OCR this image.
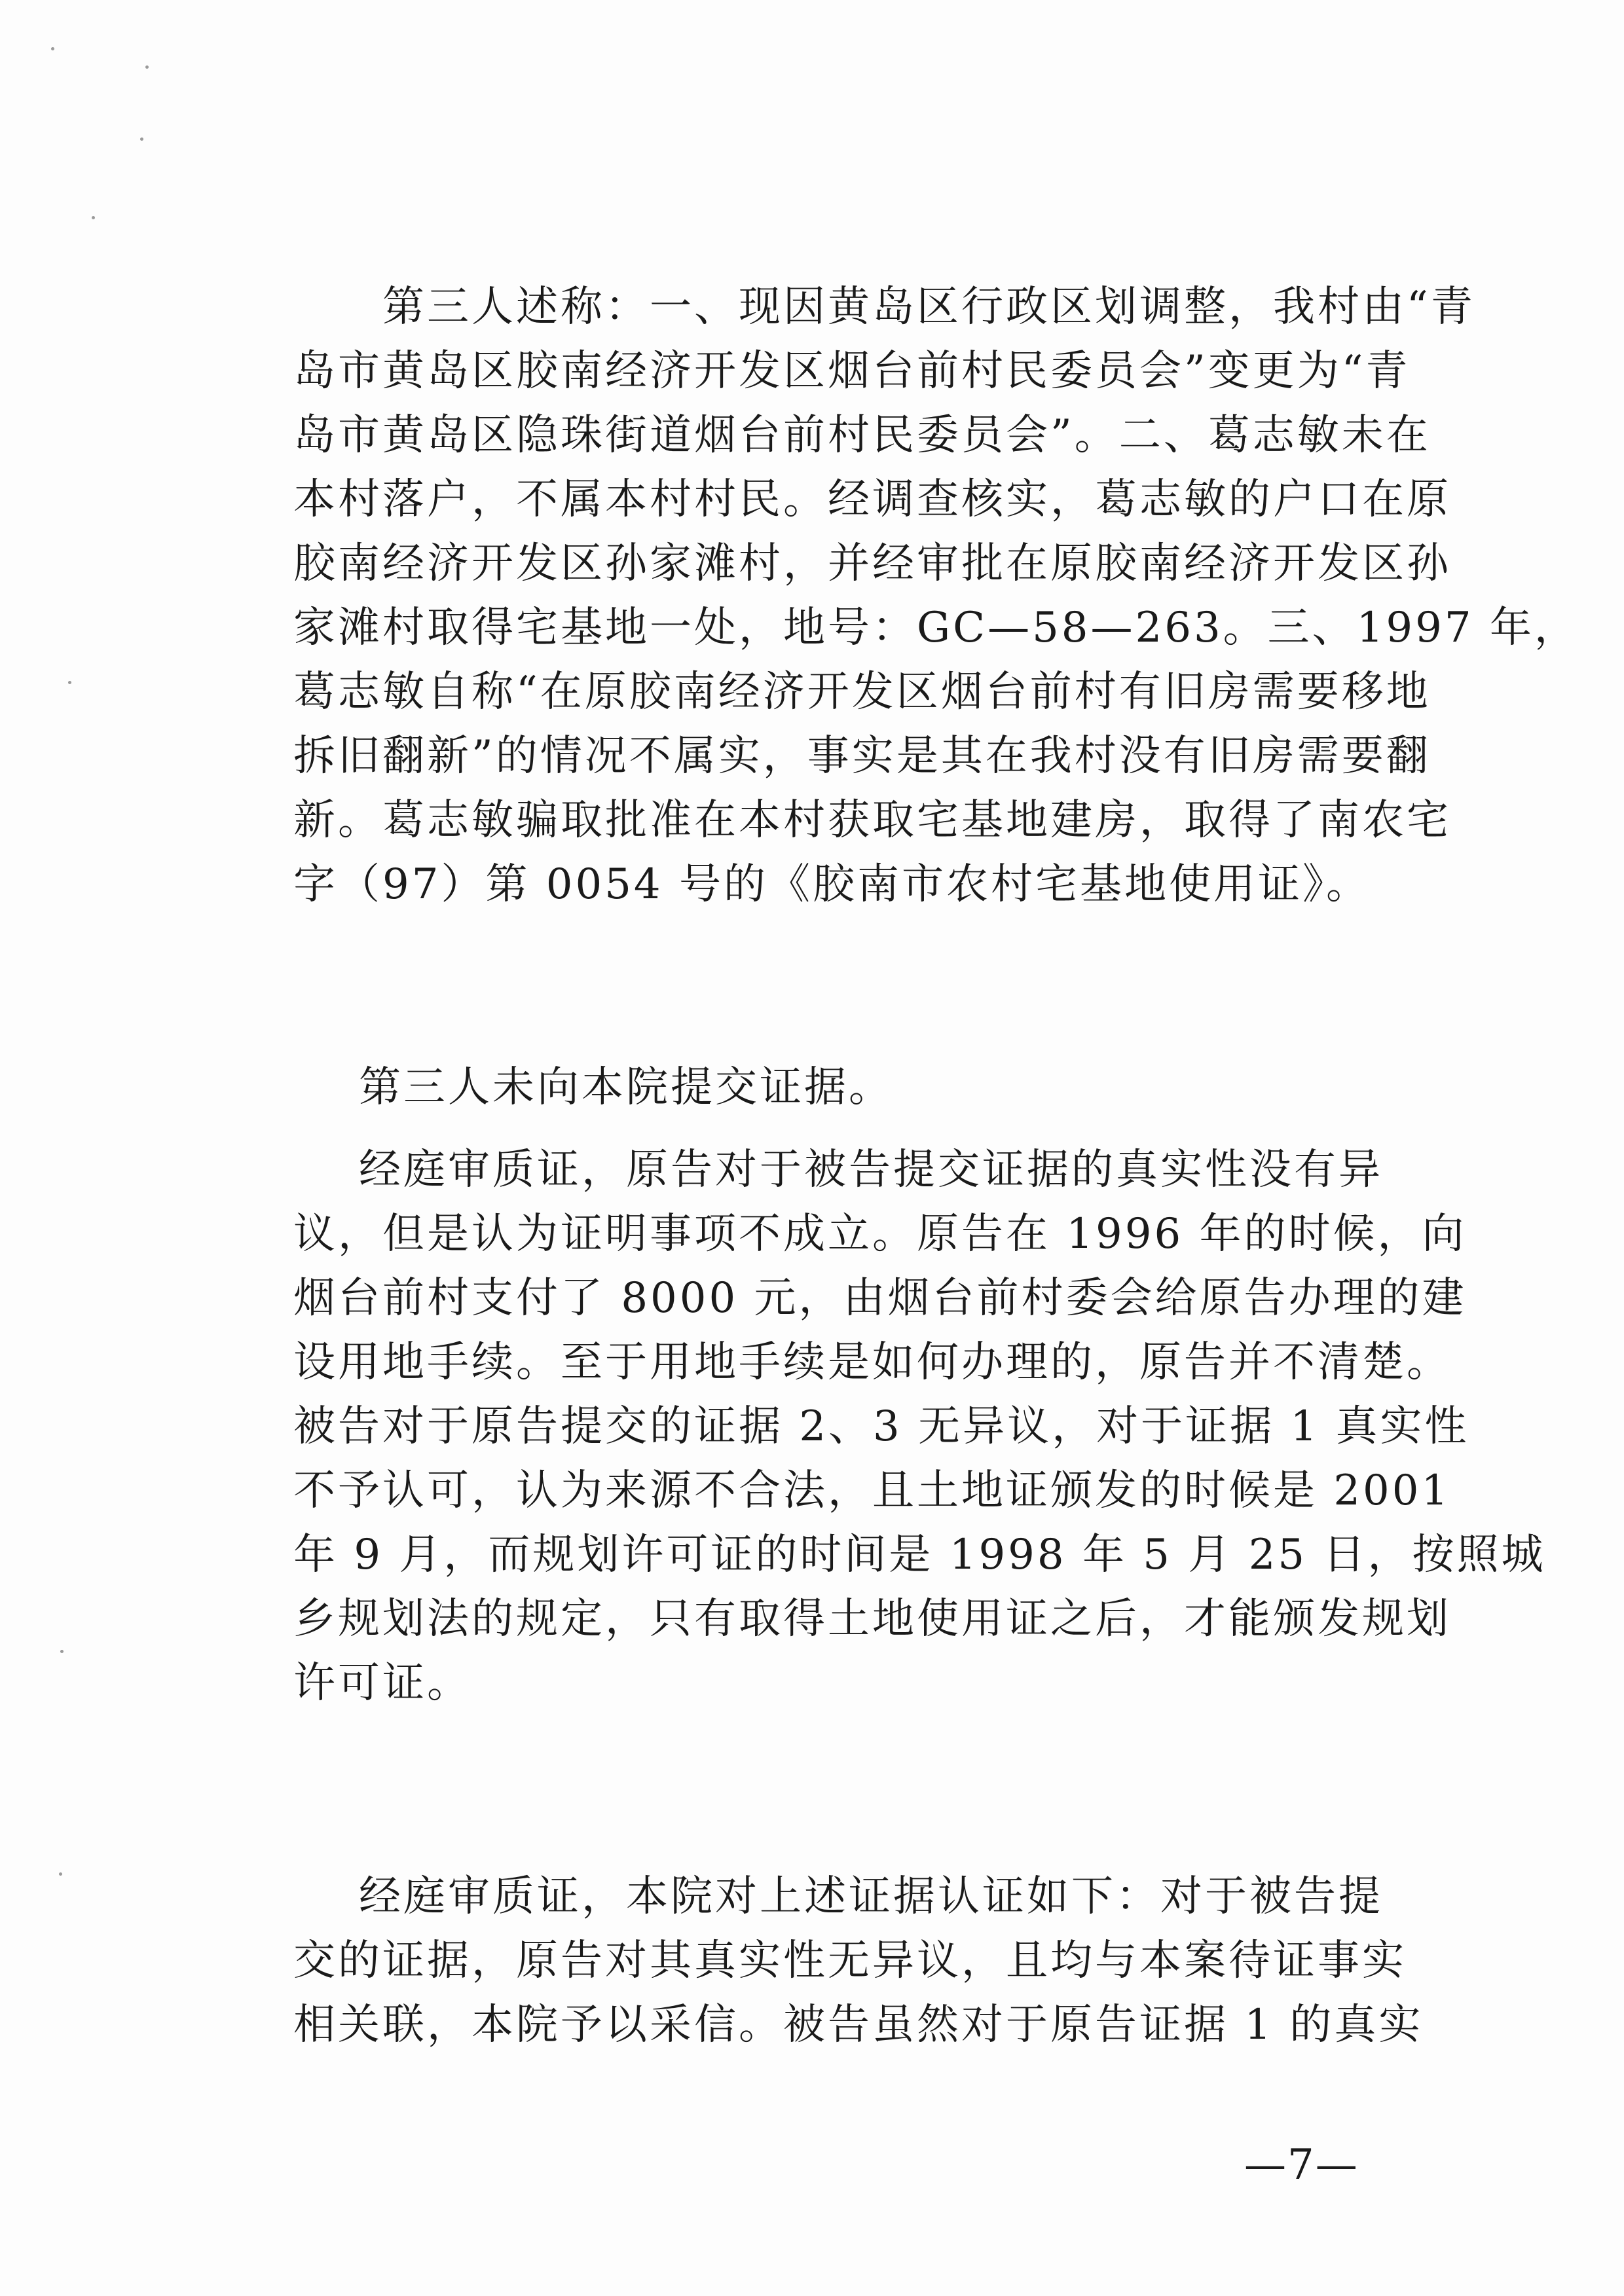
第三人述称：一、现因黄岛区行政区划调整，我村由“青
岛市黄岛区胶南经济开发区烟台前村民委员会”变更为“青
岛市黄岛区隐珠街道烟台前村民委员会”。二、葛志敏未在
本村落户，不属本村村民。经调查核实，葛志敏的户口在原
胶南经济开发区孙家滩村，并经审批在原胶南经济开发区孙
家滩村取得宅基地一处，地号：GC—58—263。三、1997 年，
葛志敏自称“在原胶南经济开发区烟台前村有旧房需要移地
拆旧翻新”的情况不属实，事实是其在我村没有旧房需要翻
新。葛志敏骗取批准在本村获取宅基地建房，取得了南农宅
字（97）第 0054 号的《胶南市农村宅基地使用证》。
第三人未向本院提交证据。
经庭审质证，原告对于被告提交证据的真实性没有异
议，但是认为证明事项不成立。原告在 1996 年的时候，向
烟台前村支付了 8000 元，由烟台前村委会给原告办理的建
设用地手续。至于用地手续是如何办理的，原告并不清楚。
被告对于原告提交的证据 2、3 无异议，对于证据 1 真实性
不予认可，认为来源不合法，且土地证颁发的时候是 2001
年 9 月，而规划许可证的时间是 1998 年 5 月 25 日，按照城
乡规划法的规定，只有取得土地使用证之后，才能颁发规划
许可证。
经庭审质证，本院对上述证据认证如下：对于被告提
交的证据，原告对其真实性无异议，且均与本案待证事实
相关联，本院予以采信。被告虽然对于原告证据 1 的真实
—7—
